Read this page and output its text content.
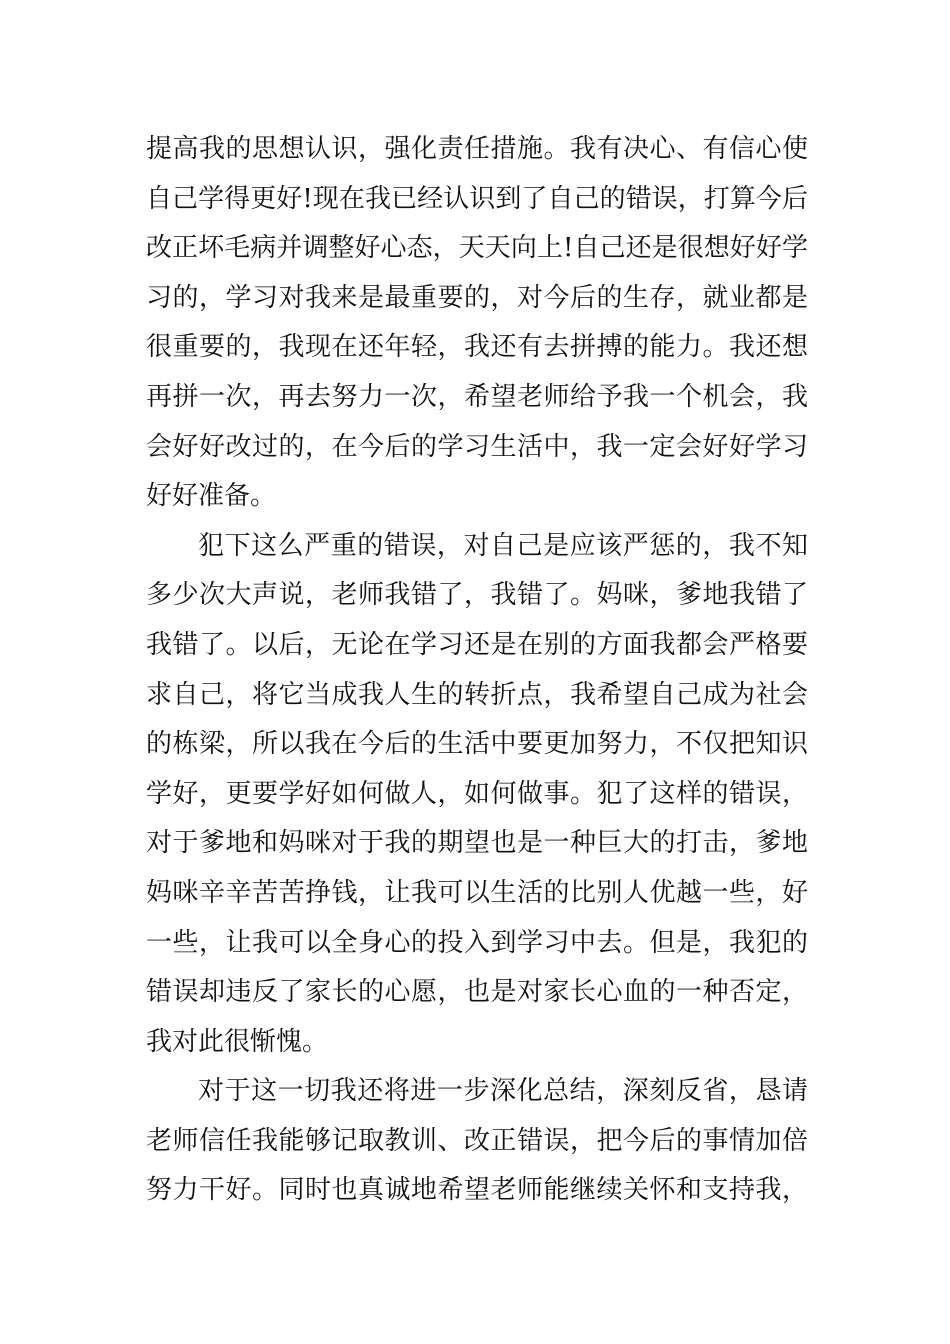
提高我的思想认识，强化责任措施。我有决心、有信心使
自己学得更好!现在我已经认识到了自己的错误，打算今后
改正坏毛病并调整好心态，天天向上!自己还是很想好好学
习的，学习对我来是最重要的，对今后的生存，就业都是
很重要的，我现在还年轻，我还有去拼搏的能力。我还想
再拼一次，再去努力一次，希望老师给予我一个机会，我
会好好改过的，在今后的学习生活中，我一定会好好学习
好好准备。
犯下这么严重的错误，对自己是应该严惩的，我不知
多少次大声说，老师我错了，我错了。妈咪，爹地我错了
我错了。以后，无论在学习还是在别的方面我都会严格要
求自己，将它当成我人生的转折点，我希望自己成为社会
的栋梁，所以我在今后的生活中要更加努力，不仅把知识
学好，更要学好如何做人，如何做事。犯了这样的错误，
对于爹地和妈咪对于我的期望也是一种巨大的打击，爹地
妈咪辛辛苦苦挣钱，让我可以生活的比别人优越一些，好
一些，让我可以全身心的投入到学习中去。但是，我犯的
错误却违反了家长的心愿，也是对家长心血的一种否定，
我对此很惭愧。
对于这一切我还将进一步深化总结，深刻反省，恳请
老师信任我能够记取教训、改正错误，把今后的事情加倍
努力干好。同时也真诚地希望老师能继续关怀和支持我，
